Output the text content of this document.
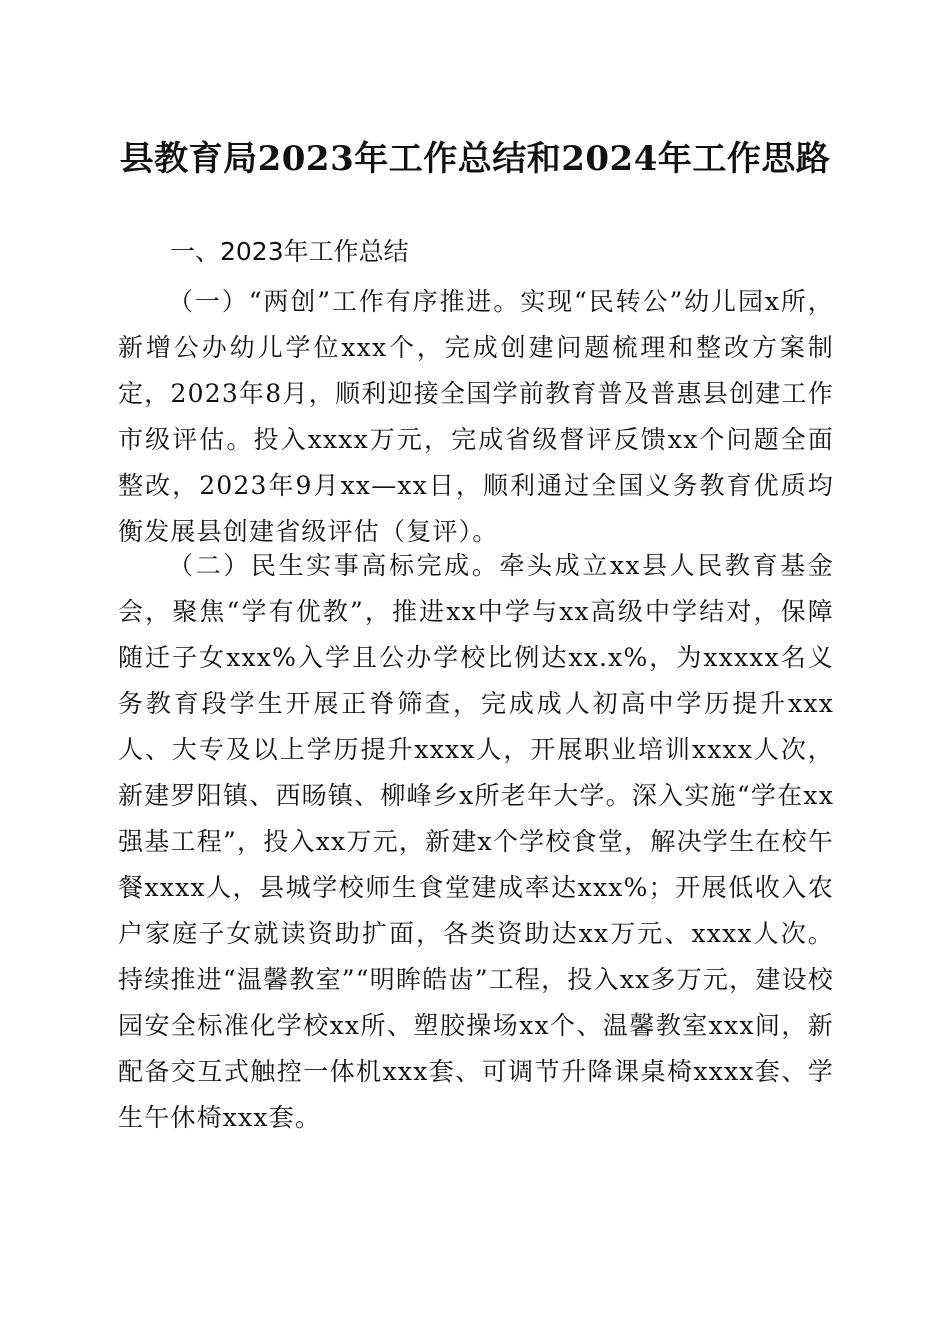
县教育局2023年工作总结和2024年工作思路
一、2023年工作总结

（一）“两创”工作有序推进。实现“民转公”幼儿园x所，新增公办幼儿学位xxx个，完成创建问题梳理和整改方案制定，2023年8月，顺利迎接全国学前教育普及普惠县创建工作市级评估。投入xxxx万元，完成省级督评反馈xx个问题全面整改，2023年9月xx—xx日，顺利通过全国义务教育优质均衡发展县创建省级评估（复评）。

（二）民生实事高标完成。牵头成立xx县人民教育基金会，聚焦“学有优教”，推进xx中学与xx高级中学结对，保障随迁子女xxx%入学且公办学校比例达xx.x%，为xxxxx名义务教育段学生开展正脊筛查，完成成人初高中学历提升xxx人、大专及以上学历提升xxxx人，开展职业培训xxxx人次，新建罗阳镇、西旸镇、柳峰乡x所老年大学。深入实施“学在xx强基工程”，投入xx万元，新建x个学校食堂，解决学生在校午餐xxxx人，县城学校师生食堂建成率达xxx%；开展低收入农户家庭子女就读资助扩面，各类资助达xx万元、xxxx人次。持续推进“温馨教室”“明眸皓齿”工程，投入xx多万元，建设校园安全标准化学校xx所、塑胶操场xx个、温馨教室xxx间，新配备交互式触控一体机xxx套、可调节升降课桌椅xxxx套、学生午休椅xxx套。
